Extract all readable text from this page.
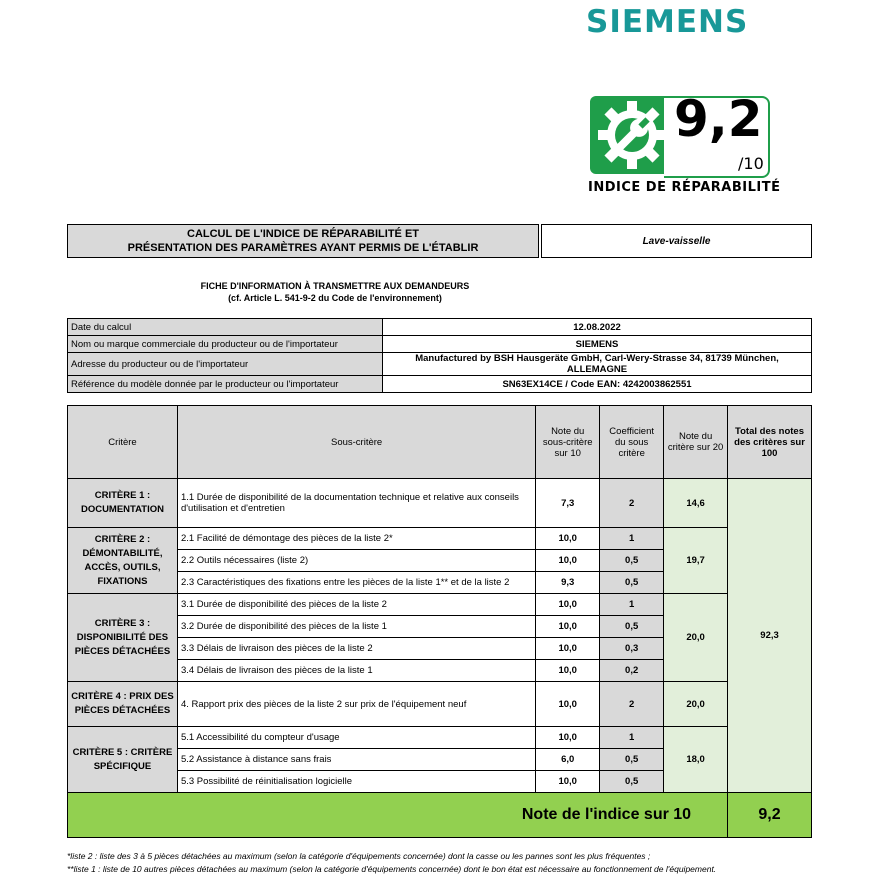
SIEMENS
9,2
/10
INDICE DE RÉPARABILITÉ
CALCUL DE L'INDICE DE RÉPARABILITÉ ET
PRÉSENTATION DES PARAMÈTRES AYANT PERMIS DE L'ÉTABLIR
Lave-vaisselle
FICHE D'INFORMATION À TRANSMETTRE AUX DEMANDEURS
(cf. Article L. 541-9-2 du Code de l'environnement)
Date du calcul	12.08.2022
Nom ou marque commerciale du producteur ou de l'importateur	SIEMENS
Adresse du producteur ou de l'importateur	Manufactured by BSH Hausgeräte GmbH, Carl-Wery-Strasse 34, 81739 München, ALLEMAGNE
Référence du modèle donnée par le producteur ou l'importateur	SN63EX14CE / Code EAN: 4242003862551
Critère	Sous-critère	Note du sous-critère sur 10	Coefficient du sous critère	Note du critère sur 20	Total des notes des critères sur 100
CRITÈRE 1 : DOCUMENTATION	1.1 Durée de disponibilité de la documentation technique et relative aux conseils d'utilisation et d'entretien	7,3	2	14,6	92,3
CRITÈRE 2 : DÉMONTABILITÉ, ACCÈS, OUTILS, FIXATIONS	2.1 Facilité de démontage des pièces de la liste 2*	10,0	1	19,7	
	2.2 Outils nécessaires (liste 2)	10,0	0,5		
	2.3 Caractéristiques des fixations entre les pièces de la liste 1** et de la liste 2	9,3	0,5		
CRITÈRE 3 : DISPONIBILITÉ DES PIÈCES DÉTACHÉES	3.1 Durée de disponibilité des pièces de la liste 2	10,0	1	20,0	
	3.2 Durée de disponibilité des pièces de la liste 1	10,0	0,5		
	3.3 Délais de livraison des pièces de la liste 2	10,0	0,3		
	3.4 Délais de livraison des pièces de la liste 1	10,0	0,2		
CRITÈRE 4 : PRIX DES PIÈCES DÉTACHÉES	4. Rapport prix des pièces de la liste 2 sur prix de l'équipement neuf	10,0	2	20,0	
CRITÈRE 5 : CRITÈRE SPÉCIFIQUE	5.1 Accessibilité du compteur d'usage	10,0	1	18,0	
	5.2 Assistance à distance sans frais	6,0	0,5		
	5.3 Possibilité de réinitialisation logicielle	10,0	0,5		
Note de l'indice sur 10					9,2
*liste 2 : liste des 3 à 5 pièces détachées au maximum (selon la catégorie d'équipements concernée) dont la casse ou les pannes sont les plus fréquentes ;
**liste 1 : liste de 10 autres pièces détachées au maximum (selon la catégorie d'équipements concernée) dont le bon état est nécessaire au fonctionnement de l'équipement.
